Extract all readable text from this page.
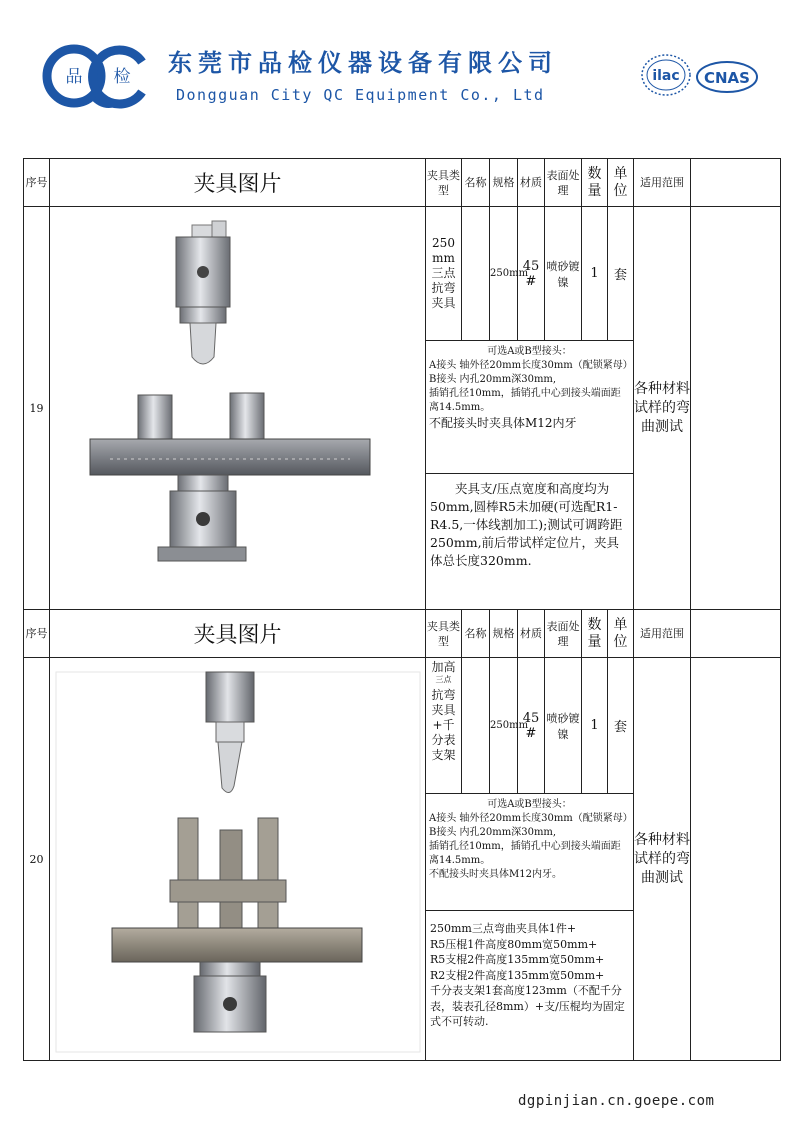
品 检 东莞市品检仪器设备有限公司
Dongguan City QC Equipment Co., Ltd
ilac CNAS
序号	夹具图片	夹具类型	名称	规格	材质	表面处理	数量	单位	适用范围	
19		250mm 三点抗弯夹具		250mm	45#	喷砂镀镍	1	套	各种材料试样的弯曲测试	

		可选A或B型接头：
A接头 轴外径20mm长度30mm（配锁紧母）
B接头 内孔20mm深30mm,
插销孔径10mm，插销孔中心到接头端面距离14.5mm。
不配接头时夹具体M12内牙								

		夹具支/压点宽度和高度均为50mm,圆棒R5未加硬(可选配R1-R4.5,一体线割加工);测试可调跨距250mm,前后带试样定位片，夹具体总长度320mm.								
序号	夹具图片	夹具类型	名称	规格	材质	表面处理	数量	单位	适用范围	
20		加高
三点
抗弯夹具+千分表支架		250mm	45#	喷砂镀镍	1	套	各种材料试样的弯曲测试	

		可选A或B型接头：
A接头 轴外径20mm长度30mm（配锁紧母）
B接头 内孔20mm深30mm,
插销孔径10mm，插销孔中心到接头端面距离14.5mm。
不配接头时夹具体M12内牙。								

		250mm三点弯曲夹具体1件+
R5压棍1件高度80mm宽50mm+
R5支棍2件高度135mm宽50mm+
R2支棍2件高度135mm宽50mm+
千分表支架1套高度123mm（不配千分表，装表孔径8mm）+支/压棍均为固定式不可转动.								
dgpinjian.cn.goepe.com
